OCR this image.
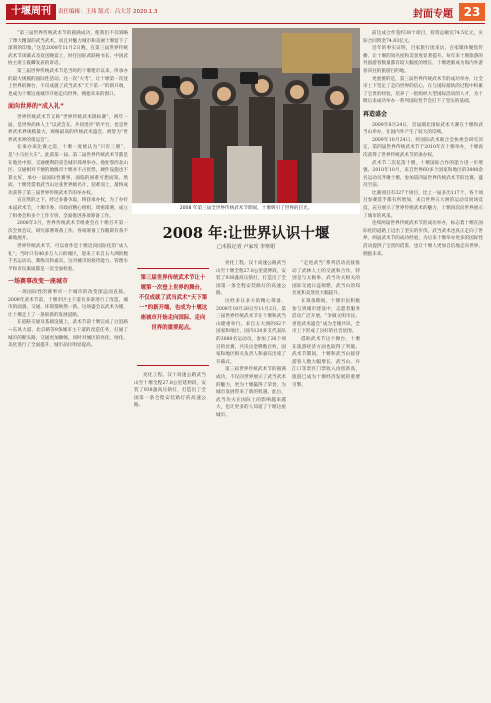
十堰周刊	责任编辑：王玮 版式：吕大芳 2020.1.3	封面专题 23

“第三届世界传统武术节的圆满成功，使我们不仅领略了博大精深的武当武术，而且对魅力城市和美丽十堰留下了深刻的印象。”这是2008年11月2日晚，在第三届世界传统武术节闭幕式及欢送晚宴上，时任国际武联秘书长、中国武协主席王筱麟发表的讲话。

第三届世界传统武术节是当时的十堰建市以来，所承办的最大规模的国际性活动。这一次“大考”，让十堰第一次登上世界的舞台，不仅成就了武当武术“天下第一”的新开端，也成为十堰这座城市开始走向世界、拥抱未来的窗口。

面向世界的“成人礼”

世界传统武术节又称“世界传统武术锦标赛”，两年一届，是世界武林人士“以武会友、共同进步”的平台，也是世界武术界规模最大、规格最高的传统武术盛会，被誉为“世界武术界的奥运会”。

在承办该比赛之前，十堰一度被认为“只有三堰”，是“小马拉大车”。此前第一届、第二届世界传统武术节都是在地处中原、交通便利的省会城市郑州举办。地处鄂西北山区、交通相对不便的地级市十堰并不占优势，硬件设施也不算太好，承办一届国际性赛事，面临的困难可想而知。然而，十堰凭借着武当山这张世界级名片，迎难而上，最终成功获得了第三届世界传统武术节的举办权。

宣宣然的之下，经过多番争取，终获承办权，为了办好本届武术节，十堰市委、市政府精心组织，周密部署，成立了组委会和多个工作专班，全面推进各项筹备工作。

2008年3月，世界传统武术节组委会在十堰召开第一次全体会议，研究部署筹备工作。各项筹备工作随即有条不紊地展开。

世界传统武术节，可以看作是十堰迈向国际化的“成人礼”。当时只有40多万人口的城区，迎来了来自五大洲的数千名运动员、教练员和嘉宾，这对城市的接待能力、管理水平和市民素质都是一次全面检验。

一场赛事改变一座城市

一场国际性的赛事对一个城市的改变深远而直接。2008年武术节前，十堰市区主干道有多条进行了改造，城市的面貌、交通、环境都焕然一新。这场盛会以武术为媒，让十堰走上了一条崭新的发展道路。

在道路交通及基础设施上，武术节前十堰完成了白浪路—东风大道、北京路等9条城市主干道的改造任务，打通了城市的断头路，交通更加顺畅，同时对城区的亮化、绿化、美化进行了全面提升，城市品位明显提高。

2008 年第三届全世界传统武术节期间，十堰吸引了世界的目光。
2008 年:让世界认识十堰
□本报记者 卢家攻 李寧珺
第三届世界传统武术节让十堰第一次登上世界的舞台，不仅成就了武当武术“天下第一”的新开端，也成为十堰这座城市开始走向国际、走向世界的重要起点。

亮化工程。汉十高速公路武当山至十堰全程27.8公里延伸段，安装了938盏高压钠灯，打造出了全国第一条全程安装路灯的高速公路。

亮化工程。汉十高速公路武当山至十堰全程27.8公里延伸段，安装了938盏高压钠灯，打造出了全国第一条全程安装路灯的高速公路。

历经多日多方的精心筹备，2008年10月28日至11月2日，第三届世界传统武术节在十堰和武当山隆重举行。来自五大洲的62个国家和地区、国内120多支代表队的2060名运动员，参加了26个项目的比赛，共决出金牌数百枚，国家和地区相关负责人和嘉宾出席了开幕式。

第三届世界传统武术节的圆满成功，不仅向世界展示了武当武术的魅力，更为十堰赢得了荣誉，为城市发展带来了新的机遇。此后，武当功夫在国际上的影响越来越大，也让更多的人知道了十堰这座城市。

“走进武当”系列活动直接推动了武林人士的交流和合作，特别是与太极拳、武当功夫相关的国际交流日益频繁，武当山的知名度和美誉度大幅提升。

在筹备期间，十堰市民积极参与到城市建设中，志愿者服务活动广泛开展，“争做文明市民、喜迎武术盛会”成为全城共识，全市上下形成了良好的社会氛围。

借助武术节这个舞台，十堰在旅游经济方面也取得了突破。武术节期间，十堰和武当山接待游客人数大幅增长，武当山、丹江口等景区门票收入再创新高，旅游已成为十堰经济发展的重要引擎。

前达成合作签约38个项目，投资总额达74.5亿元，实际合同资金74.83亿元。

近年的事实证明，百家旅行团来访，百家媒体聚焦传播，让十堰的知名度和美誉度显著提升。每年来十堰旅游的外国游客数量都有较大幅度的增长，十堰逐渐成为海内外游客向往的旅游目的地。

更重要的是，第三届世界传统武术节的成功举办，让全市上下坚定了走向世界的信心，在与国际接轨的过程中积累了宝贵的经验，培养了一批组织大型国际活动的人才，为十堰后来成功举办一系列国际性节会打下了坚实的基础。

再造盛会

2009年8月24日，首届湖北国际武术大赛在十堰和武当山举办，在国内外产生了较大的反响。

2009年10月24日，经国际武术联合会执委会研究决定，第四届世界传统武术节于2010年在十堰举办，十堰再次获得了世界传统武术节的承办权。

武术节二次花落十堰，十堰国际合作的能力进一步增强。2010年10月，来自世界60多个国家和地区的3000余名运动员齐聚十堰，参加第四届世界传统武术节的比赛，盛况空前。

比赛项目有327个项目，比上一届多出117个，各个项目参赛选手都有所增加，来自世界五大洲的运动员同场竞技，充分展示了世界传统武术的魅力，十堰再次向世界展示了城市的风采。

连续两届世界传统武术节的成功举办，标志着十堰在国际化的道路上迈出了坚实的步伐，武当武术也真正走向了世界。两届武术节的成功经验，为后来十堰举办更多的国际性活动提供了宝贵的借鉴，也让十堰人更加自信地走向世界、拥抱未来。
